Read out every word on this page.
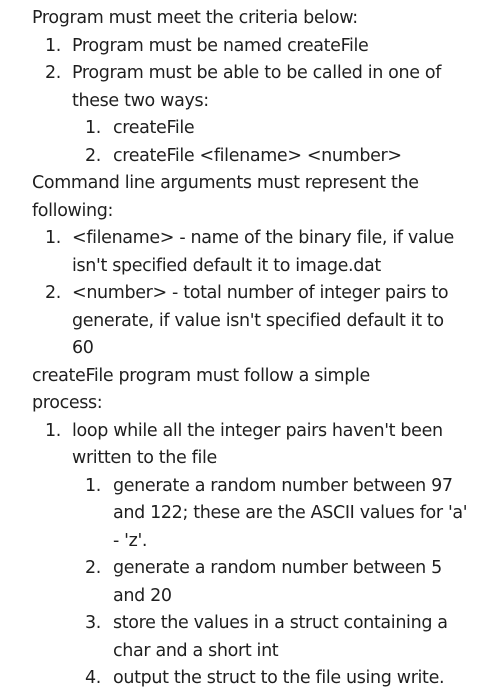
Program must meet the criteria below:

1. Program must be named createFile
2. Program must be able to be called in one of these two ways:
1. createFile
2. createFile <filename> <number>

Command line arguments must represent the following:

1. <filename> - name of the binary file, if value isn't specified default it to image.dat
2. <number> - total number of integer pairs to generate, if value isn't specified default it to 60

createFile program must follow a simple process:

1. loop while all the integer pairs haven't been written to the file
1. generate a random number between 97 and 122; these are the ASCII values for 'a' - 'z'.
2. generate a random number between 5 and 20
3. store the values in a struct containing a char and a short int
4. output the struct to the file using write.
